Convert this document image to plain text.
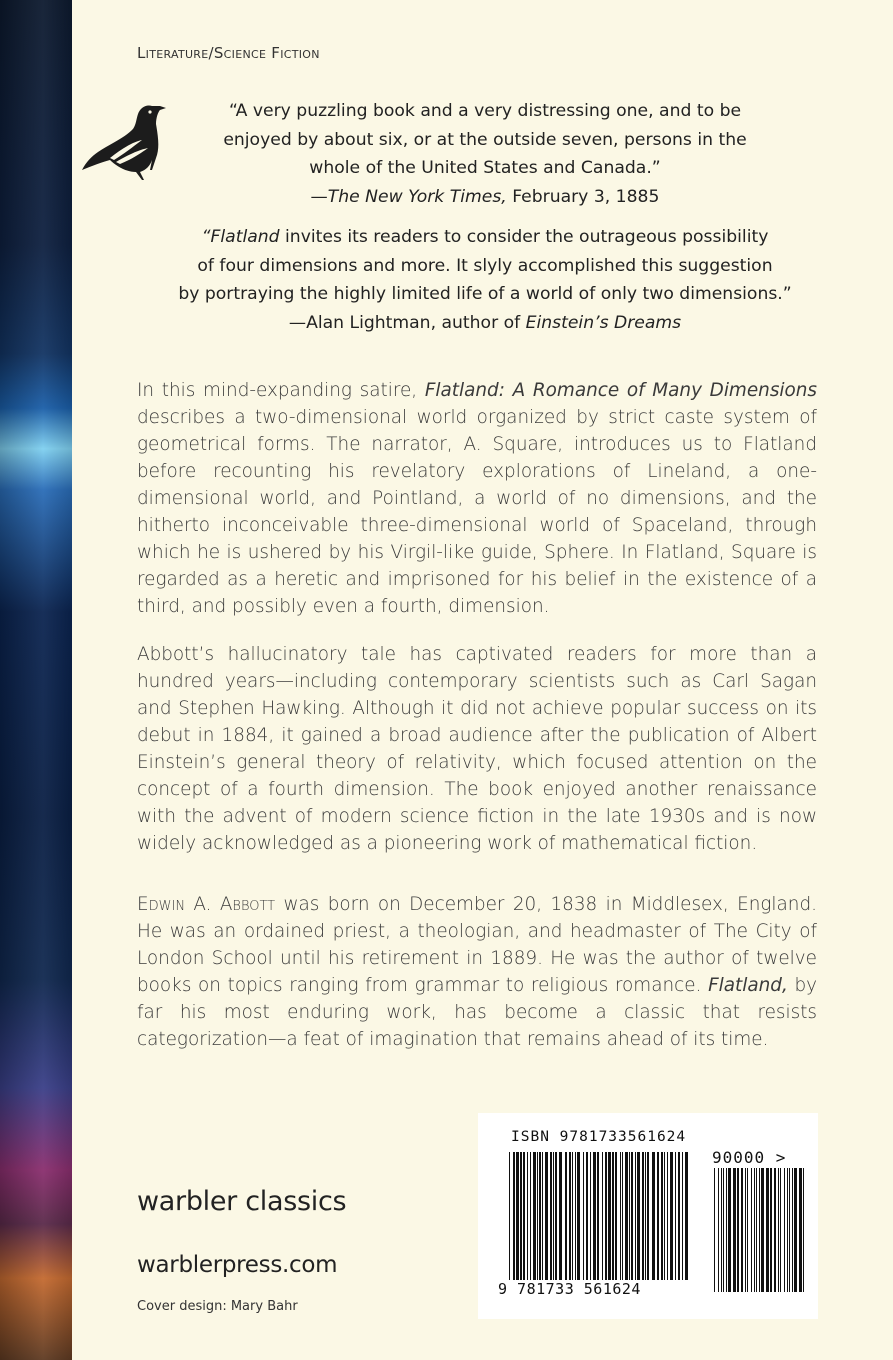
Literature/Science Fiction
“A very puzzling book and a very distressing one, and to be
enjoyed by about six, or at the outside seven, persons in the
whole of the United States and Canada.”
—The New York Times, February 3, 1885
“Flatland invites its readers to consider the outrageous possibility
of four dimensions and more. It slyly accomplished this suggestion
by portraying the highly limited life of a world of only two dimensions.”
—Alan Lightman, author of Einstein’s Dreams
In this mind-expanding satire, Flatland: A Romance of Many Dimensions describes a two-dimensional world organized by strict caste system of geometrical forms. The narrator, A. Square, introduces us to Flatland before recounting his revelatory explorations of Lineland, a one-dimensional world, and Pointland, a world of no dimensions, and the hitherto inconceivable three-dimensional world of Spaceland, through which he is ushered by his Virgil-like guide, Sphere. In Flatland, Square is regarded as a heretic and imprisoned for his belief in the existence of a third, and possibly even a fourth, dimension.
Abbott’s hallucinatory tale has captivated readers for more than a hundred years—including contemporary scientists such as Carl Sagan and Stephen Hawking. Although it did not achieve popular success on its debut in 1884, it gained a broad audience after the publication of Albert Einstein’s general theory of relativity, which focused attention on the concept of a fourth dimension. The book enjoyed another renaissance with the advent of modern science fiction in the late 1930s and is now widely acknowledged as a pioneering work of mathematical fiction.
Edwin A. Abbott was born on December 20, 1838 in Middlesex, England. He was an ordained priest, a theologian, and headmaster of The City of London School until his retirement in 1889. He was the author of twelve books on topics ranging from grammar to religious romance. Flatland, by far his most enduring work, has become a classic that resists categorization—a feat of imagination that remains ahead of its time.
warbler classics
warblerpress.com
Cover design: Mary Bahr
ISBN 9781733561624
90000 >
9 781733 561624
